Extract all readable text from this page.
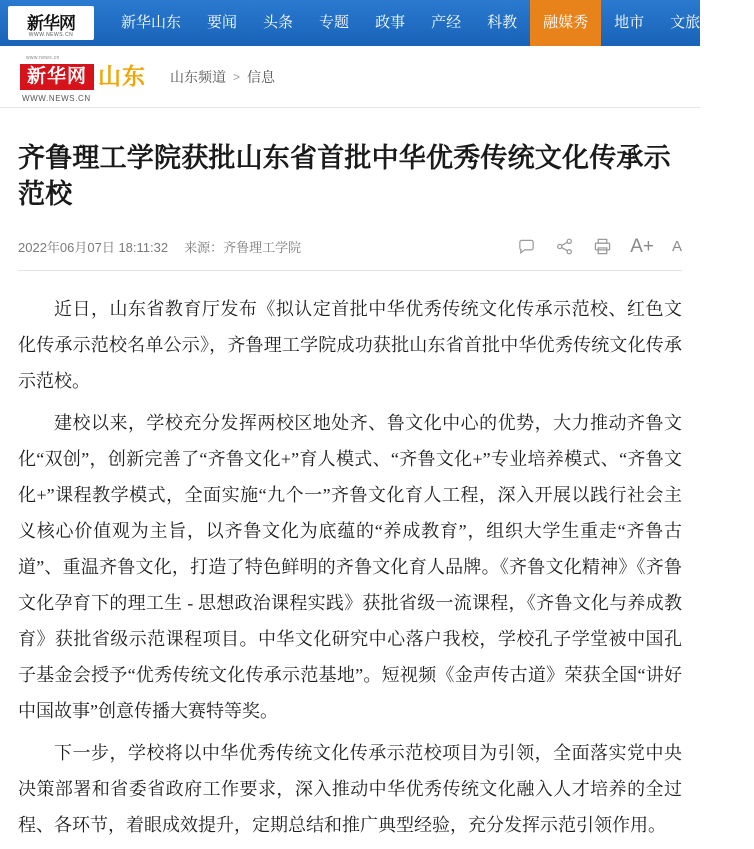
新华网
WWW.NEWS.CN
新华山东	要闻	头条	专题	政事	产经	科教	融媒秀	地市	文旅	光
www.news.cn
新华网 山东
WWW.NEWS.CN
山东频道 > 信息
齐鲁理工学院获批山东省首批中华优秀传统文化传承示范校
2022年06月07日 18:11:32 来源：齐鲁理工学院	A+ A

近日，山东省教育厅发布《拟认定首批中华优秀传统文化传承示范校、红色文化传承示范校名单公示》，齐鲁理工学院成功获批山东省首批中华优秀传统文化传承示范校。

建校以来，学校充分发挥两校区地处齐、鲁文化中心的优势，大力推动齐鲁文化“双创”，创新完善了“齐鲁文化+”育人模式、“齐鲁文化+”专业培养模式、“齐鲁文化+”课程教学模式，全面实施“九个一”齐鲁文化育人工程，深入开展以践行社会主义核心价值观为主旨，以齐鲁文化为底蕴的“养成教育”，组织大学生重走“齐鲁古道”、重温齐鲁文化，打造了特色鲜明的齐鲁文化育人品牌。《齐鲁文化精神》《齐鲁文化孕育下的理工生 - 思想政治课程实践》获批省级一流课程，《齐鲁文化与养成教育》获批省级示范课程项目。中华文化研究中心落户我校，学校孔子学堂被中国孔子基金会授予“优秀传统文化传承示范基地”。短视频《金声传古道》荣获全国“讲好中国故事”创意传播大赛特等奖。

下一步，学校将以中华优秀传统文化传承示范校项目为引领，全面落实党中央决策部署和省委省政府工作要求，深入推动中华优秀传统文化融入人才培养的全过程、各环节，着眼成效提升，定期总结和推广典型经验，充分发挥示范引领作用。
